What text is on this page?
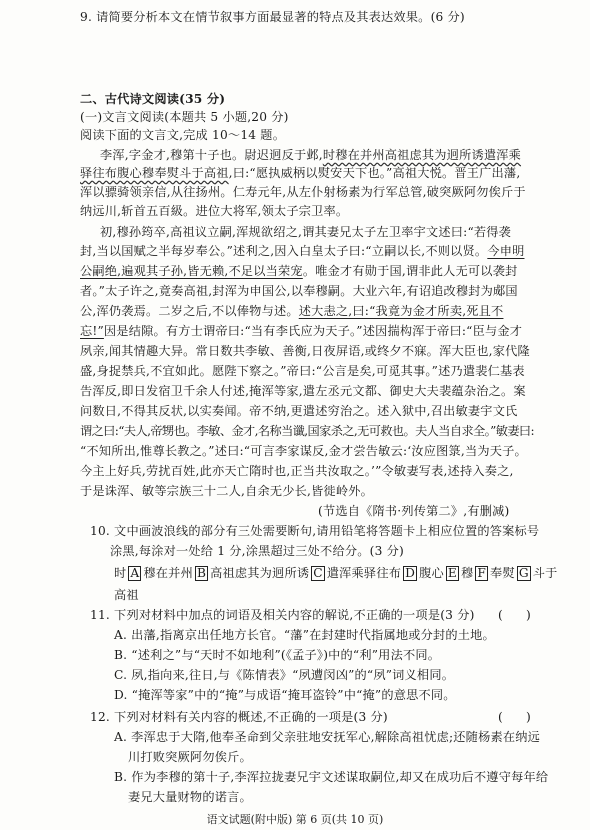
9. 请简要分析本文在情节叙事方面最显著的特点及其表达效果。(6 分)
二、古代诗文阅读(35 分)
(一)文言文阅读(本题共 5 小题,20 分)
阅读下面的文言文,完成 10～14 题。
李浑,字金才,穆第十子也。尉迟迥反于邺,时穆在并州高祖虑其为迥所诱遣浑乘
驿往布腹心穆奉熨斗于高祖,曰:“愿执威柄以熨安天下也。”高祖大悦。晋王广出藩,
浑以骠骑领亲信,从往扬州。仁寿元年,从左仆射杨素为行军总管,破突厥阿勿俟斤于
纳远川,斩首五百級。进位大将军,领太子宗卫率。
初,穆孙筠卒,高祖议立嗣,浑规欲绍之,谓其妻兄太子左卫率宇文述曰:“若得袭
封,当以国赋之半每岁奉公。”述利之,因入白皇太子曰:“立嗣以长,不则以贤。今申明
公嗣绝,遍观其子孙,皆无赖,不足以当荣宠。唯金才有勋于国,谓非此人无可以袭封
者。”太子许之,竟奏高祖,封浑为申国公,以奉穆嗣。大业六年,有诏追改穆封为郕国
公,浑仍袭焉。二岁之后,不以俸物与述。述大恚之,曰:“我竟为金才所卖,死且不
忘!”因是结隙。有方士谓帝曰:“当有李氏应为天子。”述因揣构浑于帝曰:“臣与金才
夙亲,闻其情趣大异。常日数共李敏、善衡,日夜屏语,或终夕不寐。浑大臣也,家代隆
盛,身捉禁兵,不宜如此。愿陛下察之。”帝曰:“公言是矣,可觅其事。”述乃遣裴仁基表
告浑反,即日发宿卫千余人付述,掩浑等家,遣左丞元文都、御史大夫裴蕴杂治之。案
问数日,不得其反状,以实奏闻。帝不纳,更遣述穷治之。述入狱中,召出敏妻宇文氏
谓之曰:“夫人,帝甥也。李敏、金才,名称当谶,国家杀之,无可救也。夫人当自求全。”敏妻曰:
“不知所出,惟尊长教之。”述曰:“可言李家谋反,金才尝告敏云:‘汝应图箓,当为天子。
今主上好兵,劳扰百姓,此亦天亡隋时也,正当共汝取之。’”令敏妻写表,述持入奏之,
于是诛浑、敏等宗族三十二人,自余无少长,皆徙岭外。
(节选自《隋书·列传第二》,有删减)
10. 文中画波浪线的部分有三处需要断句,请用铅笔将答题卡上相应位置的答案标号
涂黑,每涂对一处给 1 分,涂黑超过三处不给分。(3 分)
时 A 穆在并州 B 高祖虑其为迥所诱 C 遣浑乘驿往布 D 腹心 E 穆 F 奉熨 G 斗于
高祖
11. 下列对材料中加点的词语及相关内容的解说,不正确的一项是(3 分) (      )
A. 出藩,指离京出任地方长官。“藩”在封建时代指属地或分封的土地。
B. “述利之”与“天时不如地利”(《孟子》)中的“利”用法不同。
C. 夙,指向来,往日,与《陈情表》“夙遭闵凶”的“夙”词义相同。
D. “掩浑等家”中的“掩”与成语“掩耳盗铃”中“掩”的意思不同。
12. 下列对材料有关内容的概述,不正确的一项是(3 分)	(      )
A. 李浑忠于大隋,他奉圣命到父亲驻地安抚军心,解除高祖忧虑;还随杨素在纳远
川打败突厥阿勿俟斤。
B. 作为李穆的第十子,李浑拉拢妻兄宇文述谋取嗣位,却又在成功后不遵守每年给
妻兄大量财物的诺言。
语文试题(附中版) 第 6 页(共 10 页)
